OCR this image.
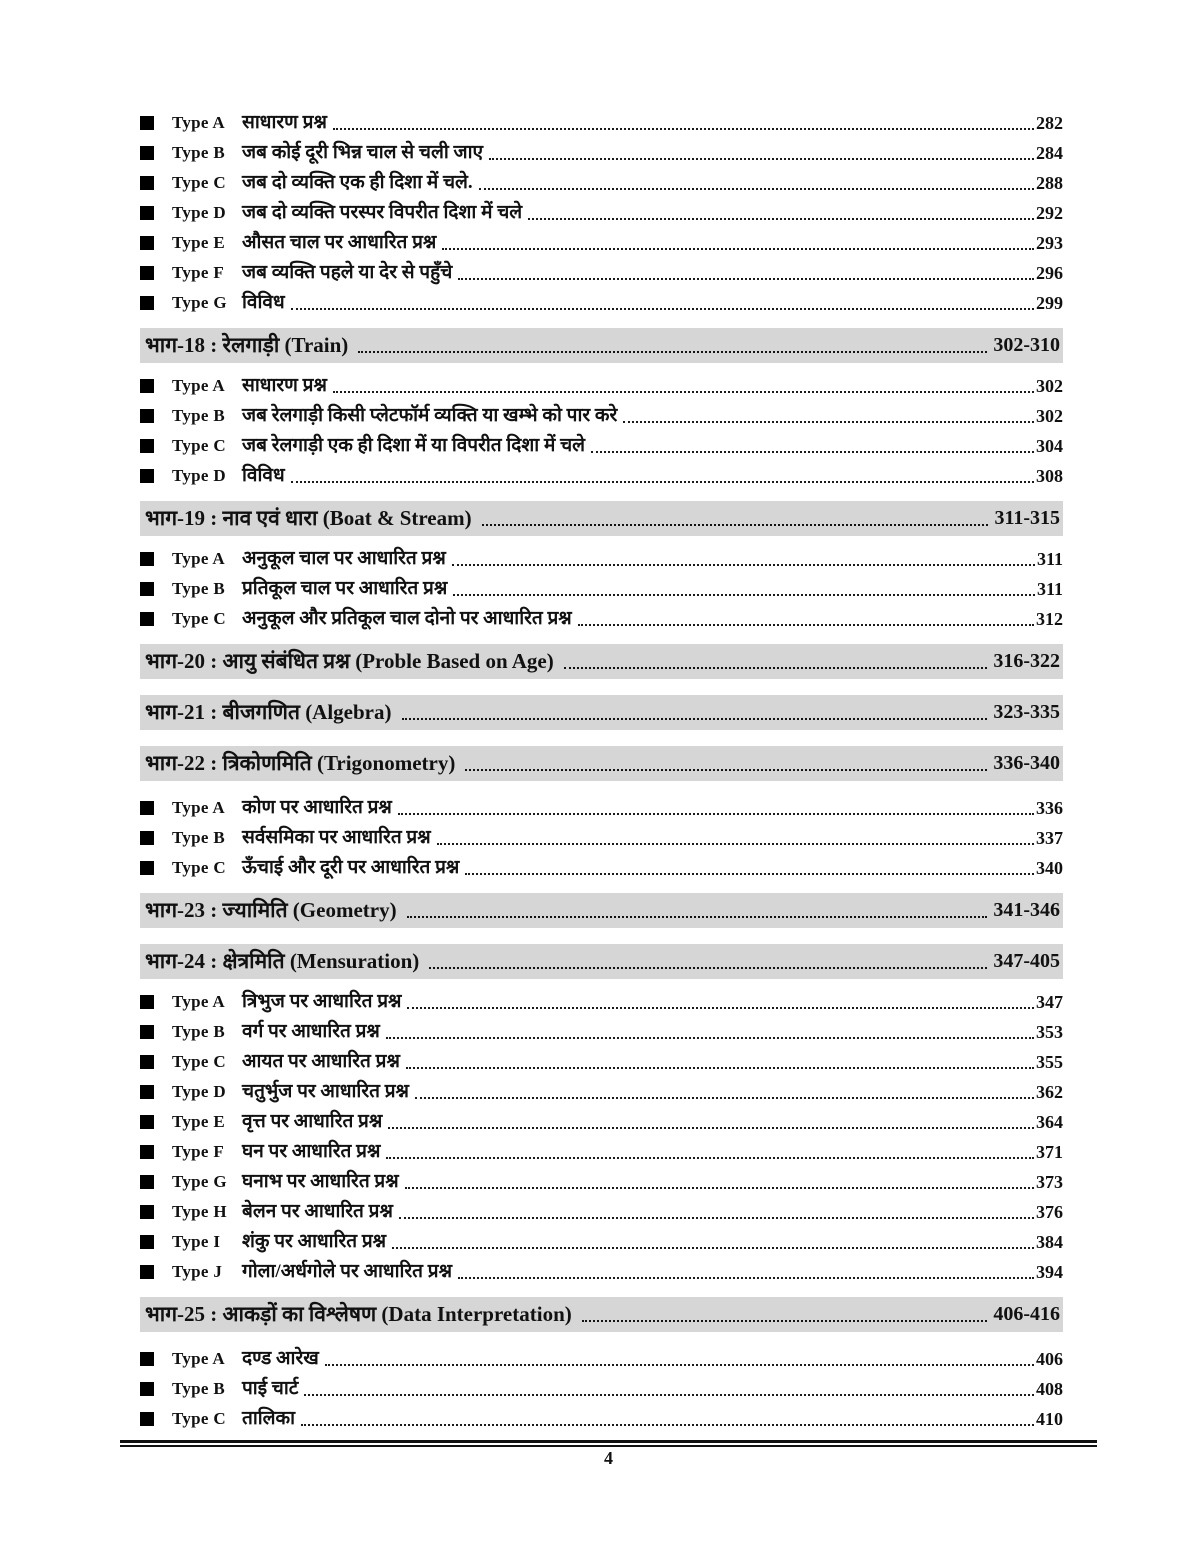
Type A साधारण प्रश्न	282
Type B जब कोई दूरी भिन्न चाल से चली जाए	284
Type C जब दो व्यक्ति एक ही दिशा में चले.	288
Type D जब दो व्यक्ति परस्पर विपरीत दिशा में चले	292
Type E औसत चाल पर आधारित प्रश्न	293
Type F जब व्यक्ति पहले या देर से पहुँचे	296
Type G विविध	299
भाग-18 : रेलगाड़ी (Train)	302-310
Type A साधारण प्रश्न	302
Type B जब रेलगाड़ी किसी प्लेटफॉर्म व्यक्ति या खम्भे को पार करे	302
Type C जब रेलगाड़ी एक ही दिशा में या विपरीत दिशा में चले	304
Type D विविध	308
भाग-19 : नाव एवं धारा (Boat & Stream)	311-315
Type A अनुकूल चाल पर आधारित प्रश्न	311
Type B प्रतिकूल चाल पर आधारित प्रश्न	311
Type C अनुकूल और प्रतिकूल चाल दोनो पर आधारित प्रश्न	312
भाग-20 : आयु संबंधित प्रश्न (Proble Based on Age)	316-322
भाग-21 : बीजगणित (Algebra)	323-335
भाग-22 : त्रिकोणमिति (Trigonometry)	336-340
Type A कोण पर आधारित प्रश्न	336
Type B सर्वसमिका पर आधारित प्रश्न	337
Type C ऊँचाई और दूरी पर आधारित प्रश्न	340
भाग-23 : ज्यामिति (Geometry)	341-346
भाग-24 : क्षेत्रमिति (Mensuration)	347-405
Type A त्रिभुज पर आधारित प्रश्न	347
Type B वर्ग पर आधारित प्रश्न	353
Type C आयत पर आधारित प्रश्न	355
Type D चतुर्भुज पर आधारित प्रश्न	362
Type E वृत्त पर आधारित प्रश्न	364
Type F घन पर आधारित प्रश्न	371
Type G घनाभ पर आधारित प्रश्न	373
Type H बेलन पर आधारित प्रश्न	376
Type I	शंकु पर आधारित प्रश्न	384
Type J	गोला/अर्धगोले पर आधारित प्रश्न	394
भाग-25 : आकड़ों का विश्लेषण (Data Interpretation)	406-416
Type A दण्ड आरेख	406
Type B पाई चार्ट	408
Type C तालिका	410
4
